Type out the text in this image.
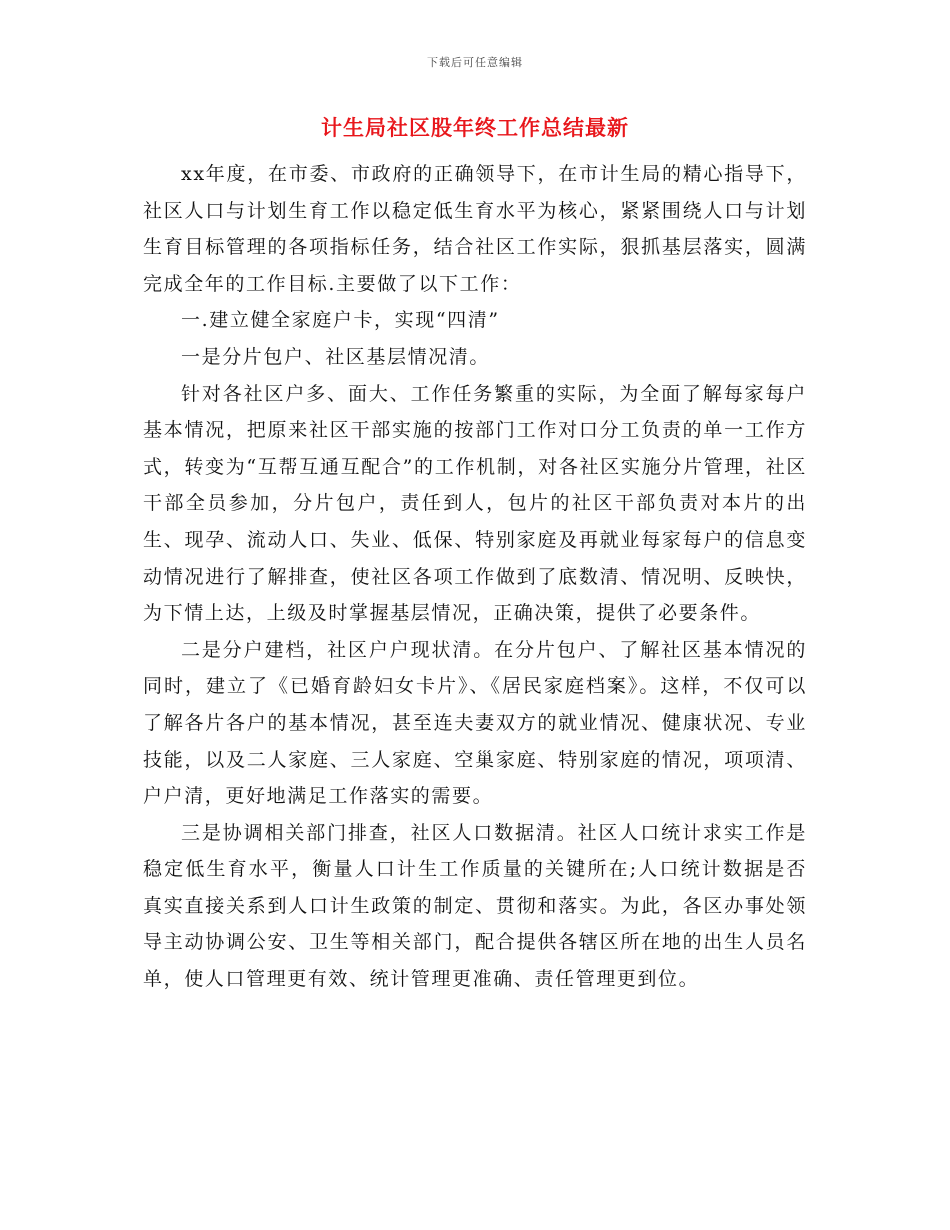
下载后可任意编辑
计生局社区股年终工作总结最新

xx年度，在市委、市政府的正确领导下，在市计生局的精心指导下，社区人口与计划生育工作以稳定低生育水平为核心，紧紧围绕人口与计划生育目标管理的各项指标任务，结合社区工作实际，狠抓基层落实，圆满完成全年的工作目标.主要做了以下工作：

一.建立健全家庭户卡，实现“四清”

一是分片包户、社区基层情况清。

针对各社区户多、面大、工作任务繁重的实际，为全面了解每家每户基本情况，把原来社区干部实施的按部门工作对口分工负责的单一工作方式，转变为“互帮互通互配合”的工作机制，对各社区实施分片管理，社区干部全员参加，分片包户，责任到人，包片的社区干部负责对本片的出生、现孕、流动人口、失业、低保、特别家庭及再就业每家每户的信息变动情况进行了解排查，使社区各项工作做到了底数清、情况明、反映快，为下情上达，上级及时掌握基层情况，正确决策，提供了必要条件。

二是分户建档，社区户户现状清。在分片包户、了解社区基本情况的同时，建立了《已婚育龄妇女卡片》、《居民家庭档案》。这样，不仅可以了解各片各户的基本情况，甚至连夫妻双方的就业情况、健康状况、专业技能，以及二人家庭、三人家庭、空巢家庭、特别家庭的情况，项项清、户户清，更好地满足工作落实的需要。

三是协调相关部门排查，社区人口数据清。社区人口统计求实工作是稳定低生育水平，衡量人口计生工作质量的关键所在;人口统计数据是否真实直接关系到人口计生政策的制定、贯彻和落实。为此，各区办事处领导主动协调公安、卫生等相关部门，配合提供各辖区所在地的出生人员名单，使人口管理更有效、统计管理更准确、责任管理更到位。
